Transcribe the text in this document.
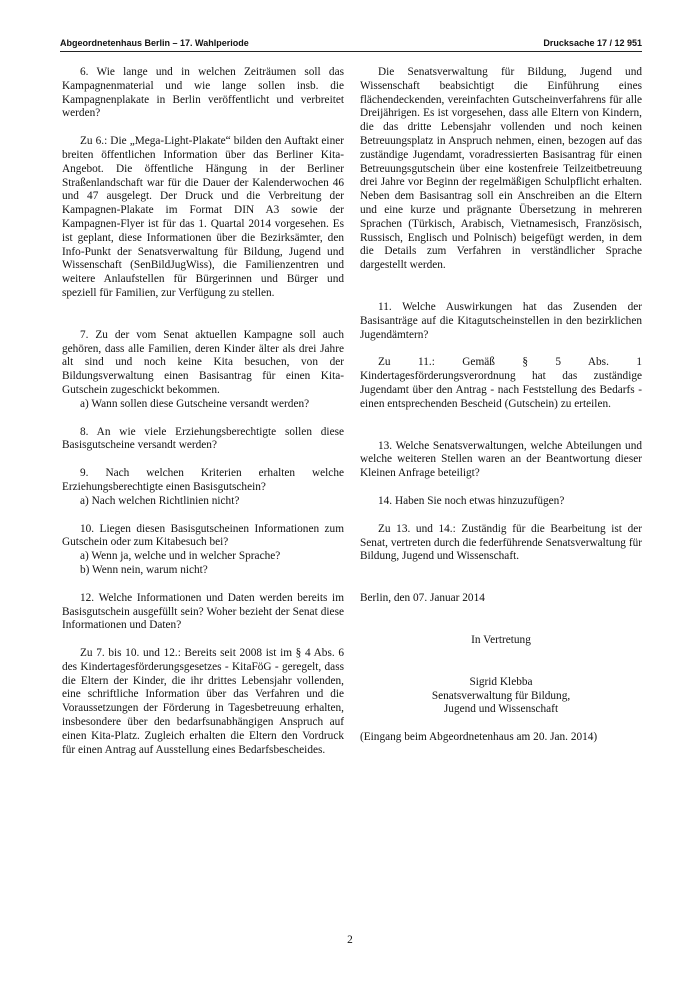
Abgeordnetenhaus Berlin – 17. Wahlperiode	Drucksache 17 / 12 951

6. Wie lange und in welchen Zeiträumen soll das Kampagnenmaterial und wie lange sollen insb. die Kampagnenplakate in Berlin veröffentlicht und verbreitet werden?

Zu 6.: Die „Mega-Light-Plakate“ bilden den Auftakt einer breiten öffentlichen Information über das Berliner Kita-Angebot. Die öffentliche Hängung in der Berliner Straßenlandschaft war für die Dauer der Kalenderwochen 46 und 47 ausgelegt. Der Druck und die Verbreitung der Kampagnen-Plakate im Format DIN A3 sowie der Kampagnen-Flyer ist für das 1. Quartal 2014 vorgesehen. Es ist geplant, diese Informationen über die Bezirksämter, den Info-Punkt der Senatsverwaltung für Bildung, Jugend und Wissenschaft (SenBildJugWiss), die Familienzentren und weitere Anlaufstellen für Bürgerinnen und Bürger und speziell für Familien, zur Verfügung zu stellen.

7. Zu der vom Senat aktuellen Kampagne soll auch gehören, dass alle Familien, deren Kinder älter als drei Jahre alt sind und noch keine Kita besuchen, von der Bildungsverwaltung einen Basisantrag für einen Kita-Gutschein zugeschickt bekommen.

a) Wann sollen diese Gutscheine versandt werden?

8. An wie viele Erziehungsberechtigte sollen diese Basisgutscheine versandt werden?

9. Nach welchen Kriterien erhalten welche Erziehungsberechtigte einen Basisgutschein?

a) Nach welchen Richtlinien nicht?

10. Liegen diesen Basisgutscheinen Informationen zum Gutschein oder zum Kitabesuch bei?

a) Wenn ja, welche und in welcher Sprache?

b) Wenn nein, warum nicht?

12. Welche Informationen und Daten werden bereits im Basisgutschein ausgefüllt sein? Woher bezieht der Senat diese Informationen und Daten?

Zu 7. bis 10. und 12.: Bereits seit 2008 ist im § 4 Abs. 6 des Kindertagesförderungsgesetzes - KitaFöG - geregelt, dass die Eltern der Kinder, die ihr drittes Lebensjahr vollenden, eine schriftliche Information über das Verfahren und die Voraussetzungen der Förderung in Tagesbetreuung erhalten, insbesondere über den bedarfsunabhängigen Anspruch auf einen Kita-Platz. Zugleich erhalten die Eltern den Vordruck für einen Antrag auf Ausstellung eines Bedarfsbescheides.

Die Senatsverwaltung für Bildung, Jugend und Wissenschaft beabsichtigt die Einführung eines flächendeckenden, vereinfachten Gutscheinverfahrens für alle Dreijährigen. Es ist vorgesehen, dass alle Eltern von Kindern, die das dritte Lebensjahr vollenden und noch keinen Betreuungsplatz in Anspruch nehmen, einen, bezogen auf das zuständige Jugendamt, voradressierten Basisantrag für einen Betreuungsgutschein über eine kostenfreie Teilzeitbetreuung drei Jahre vor Beginn der regelmäßigen Schulpflicht erhalten. Neben dem Basisantrag soll ein Anschreiben an die Eltern und eine kurze und prägnante Übersetzung in mehreren Sprachen (Türkisch, Arabisch, Vietnamesisch, Französisch, Russisch, Englisch und Polnisch) beigefügt werden, in dem die Details zum Verfahren in verständlicher Sprache dargestellt werden.

11. Welche Auswirkungen hat das Zusenden der Basisanträge auf die Kitagutscheinstellen in den bezirklichen Jugendämtern?

Zu 11.: Gemäß § 5 Abs. 1 Kindertagesförderungsverordnung hat das zuständige Jugendamt über den Antrag - nach Feststellung des Bedarfs - einen entsprechenden Bescheid (Gutschein) zu erteilen.

13. Welche Senatsverwaltungen, welche Abteilungen und welche weiteren Stellen waren an der Beantwortung dieser Kleinen Anfrage beteiligt?

14. Haben Sie noch etwas hinzuzufügen?

Zu 13. und 14.: Zuständig für die Bearbeitung ist der Senat, vertreten durch die federführende Senatsverwaltung für Bildung, Jugend und Wissenschaft.

Berlin, den 07. Januar 2014

In Vertretung

Sigrid Klebba

Senatsverwaltung für Bildung,

Jugend und Wissenschaft

(Eingang beim Abgeordnetenhaus am 20. Jan. 2014)

2
